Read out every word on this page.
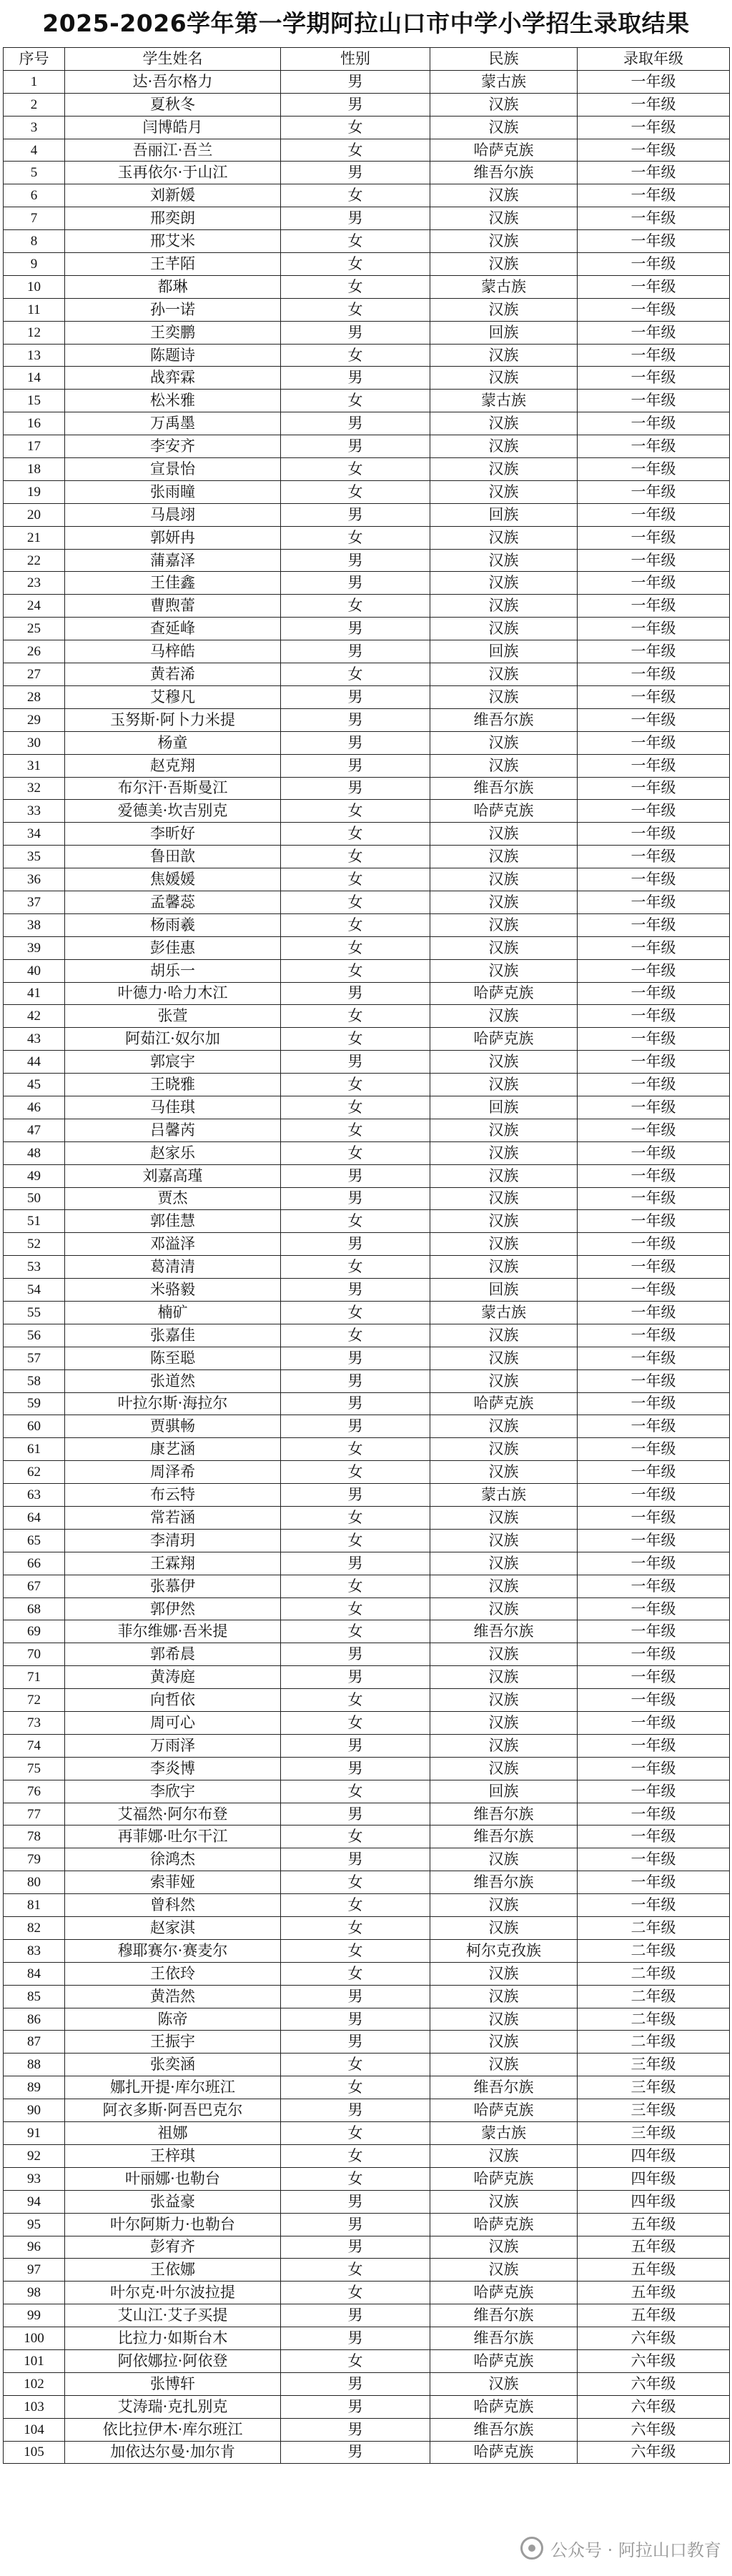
2025-2026学年第一学期阿拉山口市中学小学招生录取结果
序号	学生姓名	性别	民族	录取年级
1	达·吾尔格力	男	蒙古族	一年级
2	夏秋冬	男	汉族	一年级
3	闫博皓月	女	汉族	一年级
4	吾丽江·吾兰	女	哈萨克族	一年级
5	玉再依尔·于山江	男	维吾尔族	一年级
6	刘新媛	女	汉族	一年级
7	邢奕朗	男	汉族	一年级
8	邢艾米	女	汉族	一年级
9	王芊陌	女	汉族	一年级
10	都琳	女	蒙古族	一年级
11	孙一诺	女	汉族	一年级
12	王奕鹏	男	回族	一年级
13	陈题诗	女	汉族	一年级
14	战弈霖	男	汉族	一年级
15	松米雅	女	蒙古族	一年级
16	万禹墨	男	汉族	一年级
17	李安齐	男	汉族	一年级
18	宣景怡	女	汉族	一年级
19	张雨瞳	女	汉族	一年级
20	马晨翊	男	回族	一年级
21	郭妍冉	女	汉族	一年级
22	蒲嘉泽	男	汉族	一年级
23	王佳鑫	男	汉族	一年级
24	曹煦蕾	女	汉族	一年级
25	查延峰	男	汉族	一年级
26	马梓皓	男	回族	一年级
27	黄若浠	女	汉族	一年级
28	艾穆凡	男	汉族	一年级
29	玉努斯·阿卜力米提	男	维吾尔族	一年级
30	杨童	男	汉族	一年级
31	赵克翔	男	汉族	一年级
32	布尔汗·吾斯曼江	男	维吾尔族	一年级
33	爱德美·坎吉别克	女	哈萨克族	一年级
34	李昕好	女	汉族	一年级
35	鲁田歆	女	汉族	一年级
36	焦媛媛	女	汉族	一年级
37	孟馨蕊	女	汉族	一年级
38	杨雨羲	女	汉族	一年级
39	彭佳惠	女	汉族	一年级
40	胡乐一	女	汉族	一年级
41	叶德力·哈力木江	男	哈萨克族	一年级
42	张萱	女	汉族	一年级
43	阿茹江·奴尔加	女	哈萨克族	一年级
44	郭宸宇	男	汉族	一年级
45	王晓雅	女	汉族	一年级
46	马佳琪	女	回族	一年级
47	吕馨芮	女	汉族	一年级
48	赵家乐	女	汉族	一年级
49	刘嘉高瑾	男	汉族	一年级
50	贾杰	男	汉族	一年级
51	郭佳慧	女	汉族	一年级
52	邓溢泽	男	汉族	一年级
53	葛清清	女	汉族	一年级
54	米骆毅	男	回族	一年级
55	楠矿	女	蒙古族	一年级
56	张嘉佳	女	汉族	一年级
57	陈至聪	男	汉族	一年级
58	张道然	男	汉族	一年级
59	叶拉尔斯·海拉尔	男	哈萨克族	一年级
60	贾骐畅	男	汉族	一年级
61	康艺涵	女	汉族	一年级
62	周泽希	女	汉族	一年级
63	布云特	男	蒙古族	一年级
64	常若涵	女	汉族	一年级
65	李清玥	女	汉族	一年级
66	王霖翔	男	汉族	一年级
67	张慕伊	女	汉族	一年级
68	郭伊然	女	汉族	一年级
69	菲尔维娜·吾米提	女	维吾尔族	一年级
70	郭希晨	男	汉族	一年级
71	黄涛庭	男	汉族	一年级
72	向哲依	女	汉族	一年级
73	周可心	女	汉族	一年级
74	万雨泽	男	汉族	一年级
75	李炎博	男	汉族	一年级
76	李欣宇	女	回族	一年级
77	艾福然·阿尔布登	男	维吾尔族	一年级
78	再菲娜·吐尔干江	女	维吾尔族	一年级
79	徐鸿杰	男	汉族	一年级
80	索菲娅	女	维吾尔族	一年级
81	曾科然	女	汉族	一年级
82	赵家淇	女	汉族	二年级
83	穆耶赛尔·赛麦尔	女	柯尔克孜族	二年级
84	王依玲	女	汉族	二年级
85	黄浩然	男	汉族	二年级
86	陈帝	男	汉族	二年级
87	王振宇	男	汉族	二年级
88	张奕涵	女	汉族	三年级
89	娜扎开提·库尔班江	女	维吾尔族	三年级
90	阿衣多斯·阿吾巴克尔	男	哈萨克族	三年级
91	祖娜	女	蒙古族	三年级
92	王梓琪	女	汉族	四年级
93	叶丽娜·也勒台	女	哈萨克族	四年级
94	张益豪	男	汉族	四年级
95	叶尔阿斯力·也勒台	男	哈萨克族	五年级
96	彭宥齐	男	汉族	五年级
97	王依娜	女	汉族	五年级
98	叶尔克·叶尔波拉提	女	哈萨克族	五年级
99	艾山江·艾子买提	男	维吾尔族	五年级
100	比拉力·如斯台木	男	维吾尔族	六年级
101	阿依娜拉·阿依登	女	哈萨克族	六年级
102	张博轩	男	汉族	六年级
103	艾涛瑞·克扎别克	男	哈萨克族	六年级
104	依比拉伊木·库尔班江	男	维吾尔族	六年级
105	加依达尔曼·加尔肯	男	哈萨克族	六年级
公众号 · 阿拉山口教育
